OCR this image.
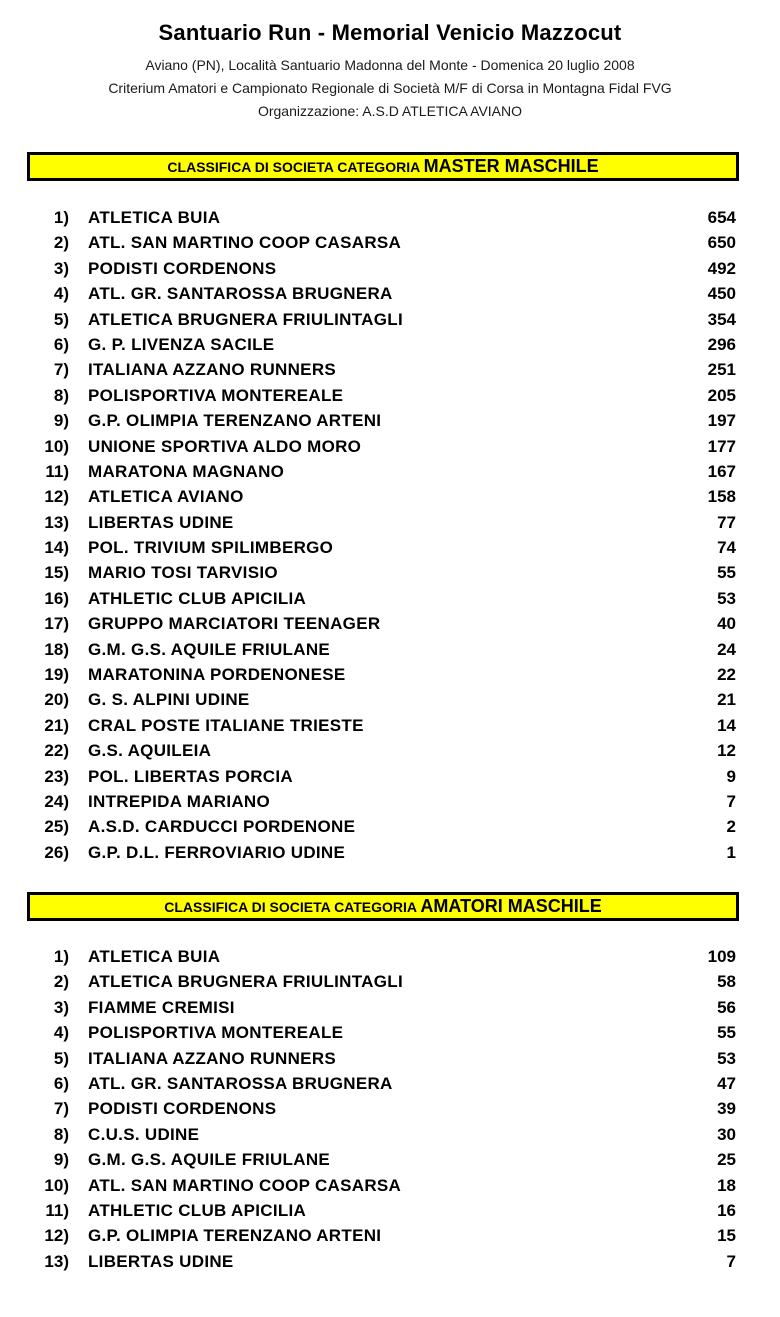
Santuario Run - Memorial Venicio Mazzocut
Aviano (PN), Località Santuario Madonna del Monte - Domenica 20 luglio 2008
Criterium Amatori e Campionato Regionale di Società M/F di Corsa in Montagna Fidal FVG
Organizzazione: A.S.D ATLETICA AVIANO
CLASSIFICA DI SOCIETA CATEGORIA MASTER MASCHILE
1) ATLETICA BUIA	654
2) ATL. SAN MARTINO COOP CASARSA	650
3) PODISTI CORDENONS	492
4) ATL. GR. SANTAROSSA BRUGNERA	450
5) ATLETICA BRUGNERA FRIULINTAGLI	354
6) G. P. LIVENZA SACILE	296
7) ITALIANA AZZANO RUNNERS	251
8) POLISPORTIVA MONTEREALE	205
9) G.P. OLIMPIA TERENZANO ARTENI	197
10) UNIONE SPORTIVA ALDO MORO	177
11) MARATONA MAGNANO	167
12) ATLETICA AVIANO	158
13) LIBERTAS UDINE	77
14) POL. TRIVIUM SPILIMBERGO	74
15) MARIO TOSI TARVISIO	55
16) ATHLETIC CLUB APICILIA	53
17) GRUPPO MARCIATORI TEENAGER	40
18) G.M. G.S. AQUILE FRIULANE	24
19) MARATONINA PORDENONESE	22
20) G. S. ALPINI UDINE	21
21) CRAL POSTE ITALIANE TRIESTE	14
22) G.S. AQUILEIA	12
23) POL. LIBERTAS PORCIA	9
24) INTREPIDA MARIANO	7
25) A.S.D. CARDUCCI PORDENONE	2
26) G.P. D.L. FERROVIARIO UDINE	1
CLASSIFICA DI SOCIETA CATEGORIA AMATORI MASCHILE
1) ATLETICA BUIA	109
2) ATLETICA BRUGNERA FRIULINTAGLI	58
3) FIAMME CREMISI	56
4) POLISPORTIVA MONTEREALE	55
5) ITALIANA AZZANO RUNNERS	53
6) ATL. GR. SANTAROSSA BRUGNERA	47
7) PODISTI CORDENONS	39
8) C.U.S. UDINE	30
9) G.M. G.S. AQUILE FRIULANE	25
10) ATL. SAN MARTINO COOP CASARSA	18
11) ATHLETIC CLUB APICILIA	16
12) G.P. OLIMPIA TERENZANO ARTENI	15
13) LIBERTAS UDINE	7
